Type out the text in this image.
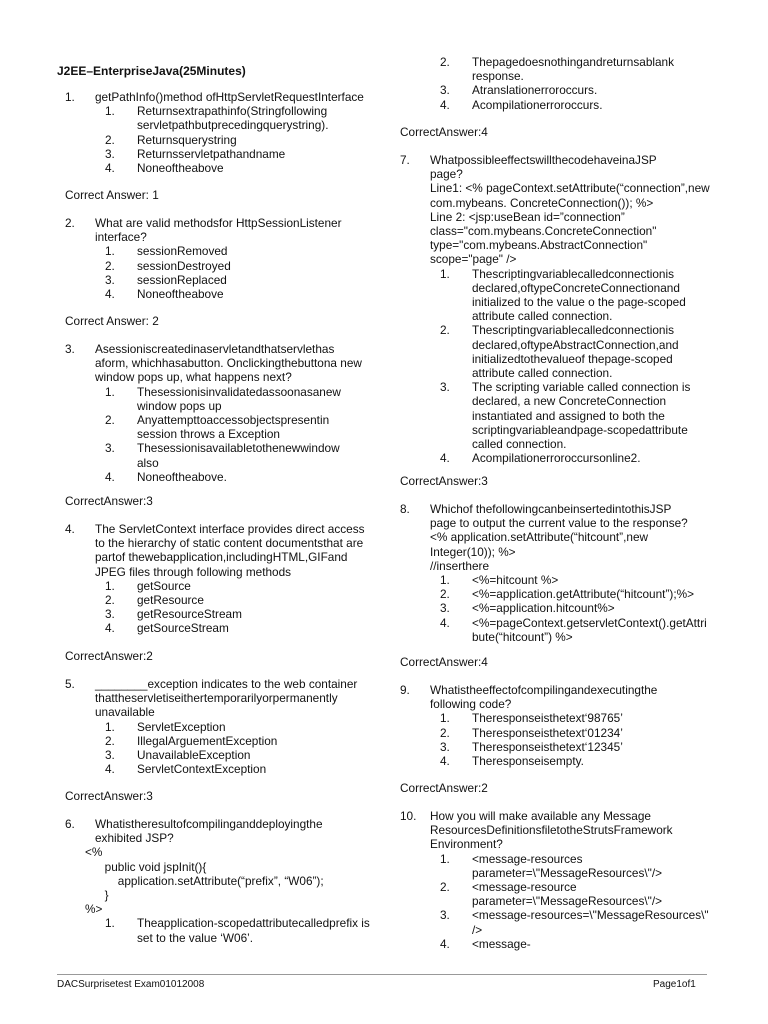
J2EE–EnterpriseJava(25Minutes)
1. getPathInfo()method ofHttpServletRequestInterface
1. Returnsextrapathinfo(Stringfollowing
servletpathbutprecedingquerystring).
2. Returnsquerystring
3. Returnsservletpathandname
4. Noneoftheabove
Correct Answer: 1
2. What are valid methodsfor HttpSessionListener
interface?
1. sessionRemoved
2. sessionDestroyed
3. sessionReplaced
4. Noneoftheabove
Correct Answer: 2
3. Asessioniscreatedinaservletandthatservlethas
aform, whichhasabutton. Onclickingthebuttona new
window pops up, what happens next?
1. Thesessionisinvalidatedassoonasanew
window pops up
2. Anyattempttoaccessobjectspresentin
session throws a Exception
3. Thesessionisavailabletothenewwindow
also
4. Noneoftheabove.
CorrectAnswer:3
4. The ServletContext interface provides direct access
to the hierarchy of static content documentsthat are
partof thewebapplication,includingHTML,GIFand
JPEG files through following methods
1. getSource
2. getResource
3. getResourceStream
4. getSourceStream
CorrectAnswer:2
5. ________exception indicates to the web container
thattheservletiseithertemporarilyorpermanently
unavailable
1. ServletException
2. IllegalArguementException
3. UnavailableException
4. ServletContextException
CorrectAnswer:3
6. Whatistheresultofcompilinganddeployingthe
exhibited JSP?
<%
public void jspInit(){
application.setAttribute(“prefix”, “W06”);
}
%>
1. Theapplication-scopedattributecalledprefix is
set to the value ‘W06’.
2. Thepagedoesnothingandreturnsablank
response.
3. Atranslationerroroccurs.
4. Acompilationerroroccurs.
CorrectAnswer:4
7. WhatpossibleeffectswillthecodehaveinaJSP
page?
Line1: <% pageContext.setAttribute(“connection”,new
com.mybeans. ConcreteConnection()); %>
Line 2: <jsp:useBean id=”connection”
class="com.mybeans.ConcreteConnection"
type="com.mybeans.AbstractConnection"
scope="page" />
1. Thescriptingvariablecalledconnectionis
declared,oftypeConcreteConnectionand
initialized to the value o the page-scoped
attribute called connection.
2. Thescriptingvariablecalledconnectionis
declared,oftypeAbstractConnection,and
initializedtothevalueof thepage-scoped
attribute called connection.
3. The scripting variable called connection is
declared, a new ConcreteConnection
instantiated and assigned to both the
scriptingvariableandpage-scopedattribute
called connection.
4. Acompilationerroroccursonline2.
CorrectAnswer:3
8. Whichof thefollowingcanbeinsertedintothisJSP
page to output the current value to the response?
<% application.setAttribute(“hitcount”,new
Integer(10)); %>
//inserthere
1. <%=hitcount %>
2. <%=application.getAttribute(“hitcount”);%>
3. <%=application.hitcount%>
4. <%=pageContext.getservletContext().getAttri
bute(“hitcount”) %>
CorrectAnswer:4
9. Whatistheeffectofcompilingandexecutingthe
following code?
1. Theresponseisthetext‘98765’
2. Theresponseisthetext‘01234’
3. Theresponseisthetext‘12345’
4. Theresponseisempty.
CorrectAnswer:2
10. How you will make available any Message
ResourcesDefinitionsfiletotheStrutsFramework
Environment?
1. <message-resources
parameter=\"MessageResources\"/>
2. <message-resource
parameter=\"MessageResources\"/>
3. <message-resources=\"MessageResources\"
/>
4. <message-
DACSurprisetest Exam01012008	Page1of1
